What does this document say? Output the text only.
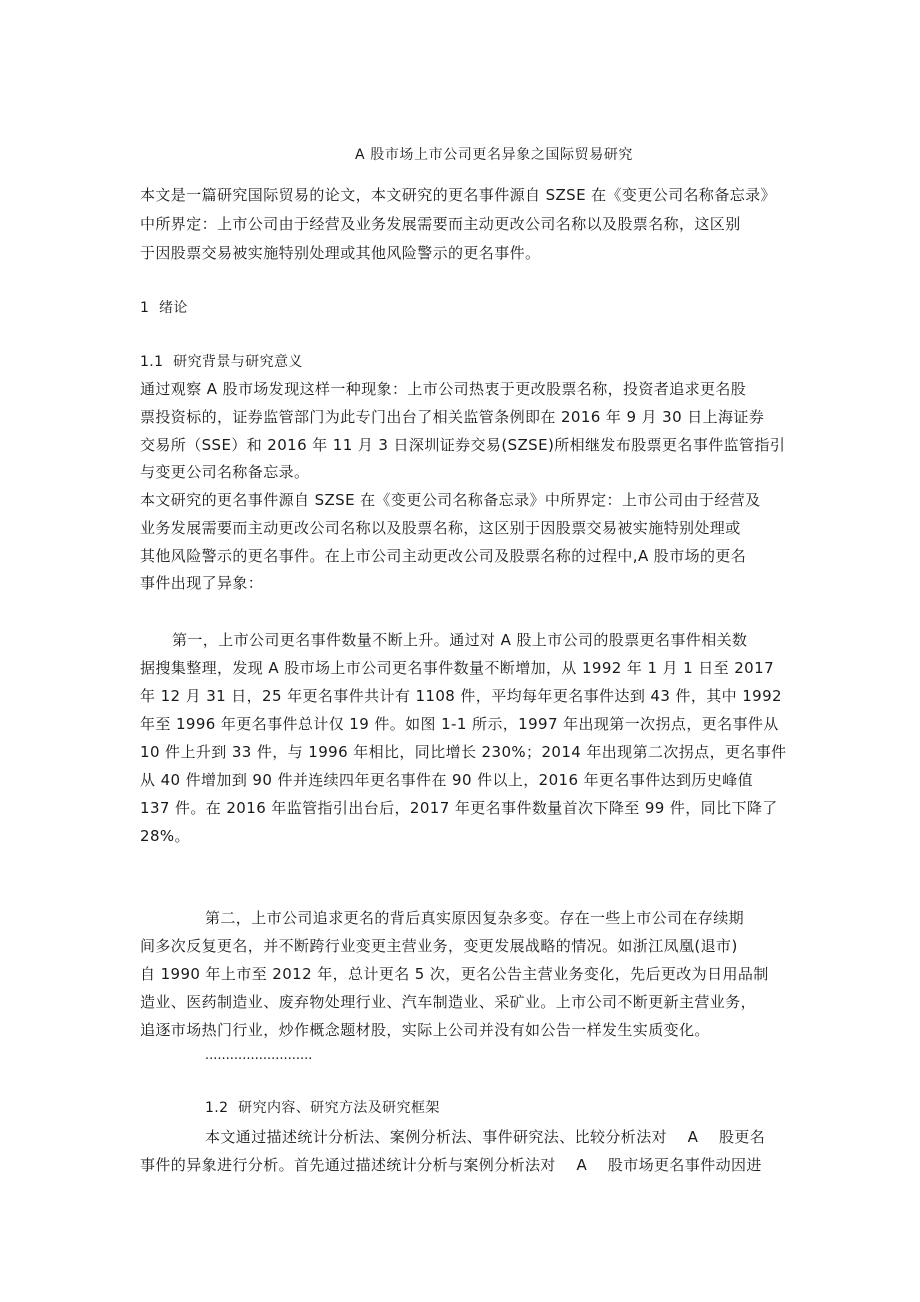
A 股市场上市公司更名异象之国际贸易研究

本文是一篇研究国际贸易的论文，本文研究的更名事件源自 SZSE 在《变更公司名称备忘录》

中所界定：上市公司由于经营及业务发展需要而主动更改公司名称以及股票名称，这区别

于因股票交易被实施特别处理或其他风险警示的更名事件。

1  绪论

1.1  研究背景与研究意义

通过观察 A 股市场发现这样一种现象：上市公司热衷于更改股票名称，投资者追求更名股

票投资标的，证券监管部门为此专门出台了相关监管条例即在 2016 年 9 月 30 日上海证券

交易所（SSE）和 2016 年 11 月 3 日深圳证券交易(SZSE)所相继发布股票更名事件监管指引

与变更公司名称备忘录。

本文研究的更名事件源自 SZSE 在《变更公司名称备忘录》中所界定：上市公司由于经营及

业务发展需要而主动更改公司名称以及股票名称，这区别于因股票交易被实施特别处理或

其他风险警示的更名事件。在上市公司主动更改公司及股票名称的过程中,A 股市场的更名

事件出现了异象：

第一，上市公司更名事件数量不断上升。通过对 A 股上市公司的股票更名事件相关数

据搜集整理，发现 A 股市场上市公司更名事件数量不断增加，从 1992 年 1 月 1 日至 2017

年 12 月 31 日，25 年更名事件共计有 1108 件，平均每年更名事件达到 43 件，其中 1992

年至 1996 年更名事件总计仅 19 件。如图 1-1 所示，1997 年出现第一次拐点，更名事件从

10 件上升到 33 件，与 1996 年相比，同比增长 230%；2014 年出现第二次拐点，更名事件

从 40 件增加到 90 件并连续四年更名事件在 90 件以上，2016 年更名事件达到历史峰值

137 件。在 2016 年监管指引出台后，2017 年更名事件数量首次下降至 99 件，同比下降了

28%。

第二，上市公司追求更名的背后真实原因复杂多变。存在一些上市公司在存续期

间多次反复更名，并不断跨行业变更主营业务，变更发展战略的情况。如浙江凤凰(退市)

自 1990 年上市至 2012 年，总计更名 5 次，更名公告主营业务变化，先后更改为日用品制

造业、医药制造业、废弃物处理行业、汽车制造业、采矿业。上市公司不断更新主营业务，

追逐市场热门行业，炒作概念题材股，实际上公司并没有如公告一样发生实质变化。

..........................

1.2  研究内容、研究方法及研究框架

本文通过描述统计分析法、案例分析法、事件研究法、比较分析法对    A    股更名

事件的异象进行分析。首先通过描述统计分析与案例分析法对    A    股市场更名事件动因进
